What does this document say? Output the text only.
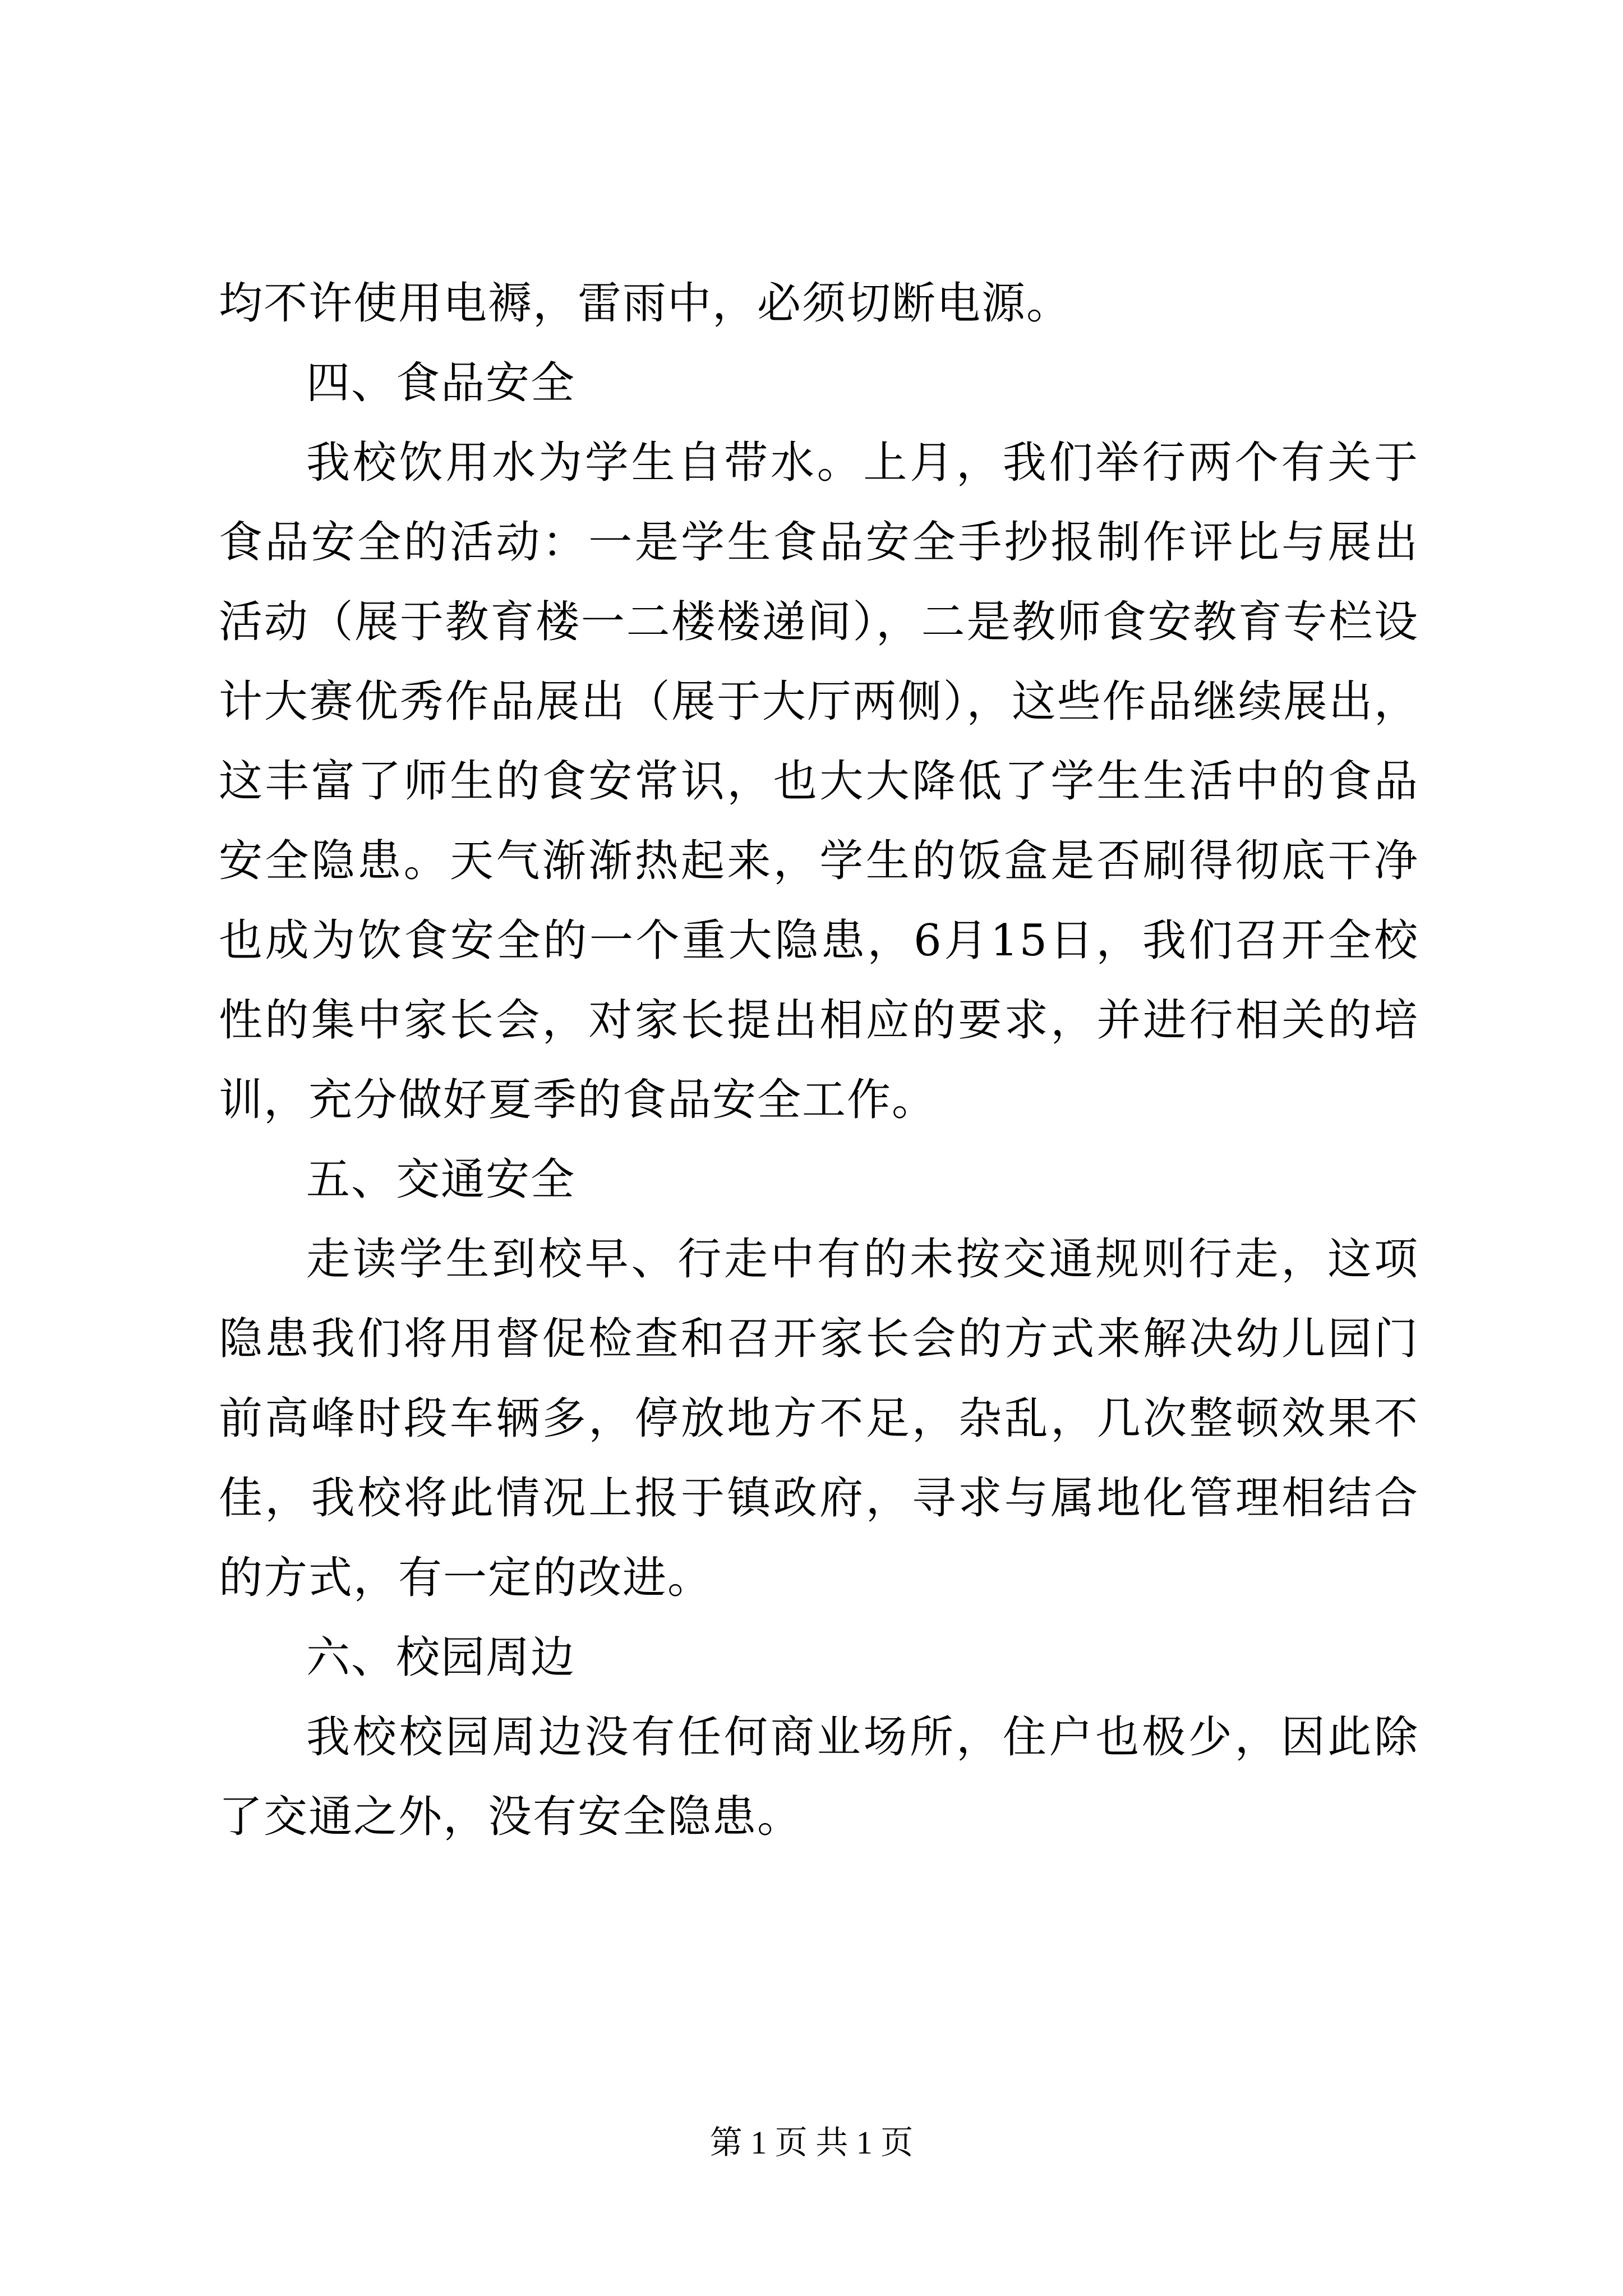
均不许使用电褥，雷雨中，必须切断电源。

四、食品安全

我校饮用水为学生自带水。上月，我们举行两个有关于食品安全的活动：一是学生食品安全手抄报制作评比与展出活动（展于教育楼一二楼楼递间），二是教师食安教育专栏设计大赛优秀作品展出（展于大厅两侧），这些作品继续展出，这丰富了师生的食安常识，也大大降低了学生生活中的食品安全隐患。天气渐渐热起来，学生的饭盒是否刷得彻底干净也成为饮食安全的一个重大隐患，6月15日，我们召开全校性的集中家长会，对家长提出相应的要求，并进行相关的培训，充分做好夏季的食品安全工作。

五、交通安全

走读学生到校早、行走中有的未按交通规则行走，这项隐患我们将用督促检查和召开家长会的方式来解决幼儿园门前高峰时段车辆多，停放地方不足，杂乱，几次整顿效果不佳，我校将此情况上报于镇政府，寻求与属地化管理相结合的方式，有一定的改进。

六、校园周边

我校校园周边没有任何商业场所，住户也极少，因此除了交通之外，没有安全隐患。

第 1 页 共 1 页
